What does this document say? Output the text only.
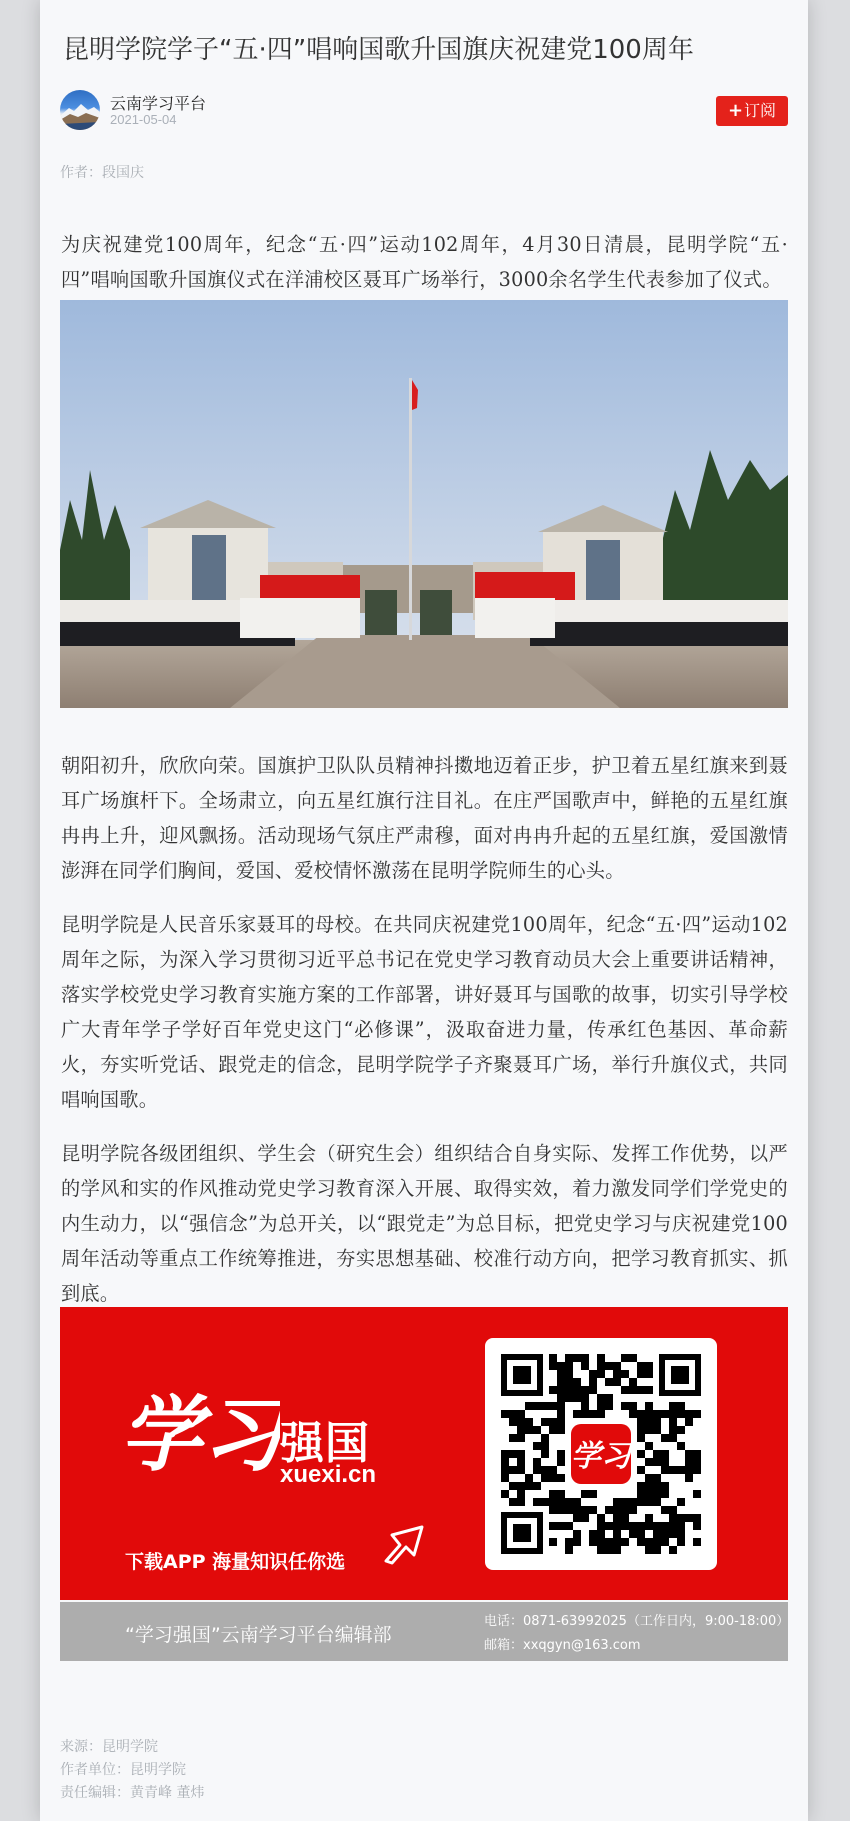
昆明学院学子“五·四”唱响国歌升国旗庆祝建党100周年
云南学习平台
2021-05-04	+订阅
作者：段国庆

为庆祝建党100周年，纪念“五·四”运动102周年，4月30日清晨，昆明学院“五·四”唱响国歌升国旗仪式在洋浦校区聂耳广场举行，3000余名学生代表参加了仪式。

朝阳初升，欣欣向荣。国旗护卫队队员精神抖擞地迈着正步，护卫着五星红旗来到聂耳广场旗杆下。全场肃立，向五星红旗行注目礼。在庄严国歌声中，鲜艳的五星红旗冉冉上升，迎风飘扬。活动现场气氛庄严肃穆，面对冉冉升起的五星红旗，爱国激情澎湃在同学们胸间，爱国、爱校情怀激荡在昆明学院师生的心头。

昆明学院是人民音乐家聂耳的母校。在共同庆祝建党100周年，纪念“五·四”运动102周年之际，为深入学习贯彻习近平总书记在党史学习教育动员大会上重要讲话精神，落实学校党史学习教育实施方案的工作部署，讲好聂耳与国歌的故事，切实引导学校广大青年学子学好百年党史这门“必修课”，汲取奋进力量，传承红色基因、革命薪火，夯实听党话、跟党走的信念，昆明学院学子齐聚聂耳广场，举行升旗仪式，共同唱响国歌。

昆明学院各级团组织、学生会（研究生会）组织结合自身实际、发挥工作优势，以严的学风和实的作风推动党史学习教育深入开展、取得实效，着力激发同学们学党史的内生动力，以“强信念”为总开关，以“跟党走”为总目标，把党史学习与庆祝建党100周年活动等重点工作统筹推进，夯实思想基础、校准行动方向，把学习教育抓实、抓到底。

学习
强国
xuexi.cn
下载APP 海量知识任你选
学习
“学习强国”云南学习平台编辑部
电话：0871-63992025（工作日内，9:00-18:00）
邮箱：xxqgyn@163.com
来源：昆明学院
作者单位：昆明学院
责任编辑：黄青峰 董炜
